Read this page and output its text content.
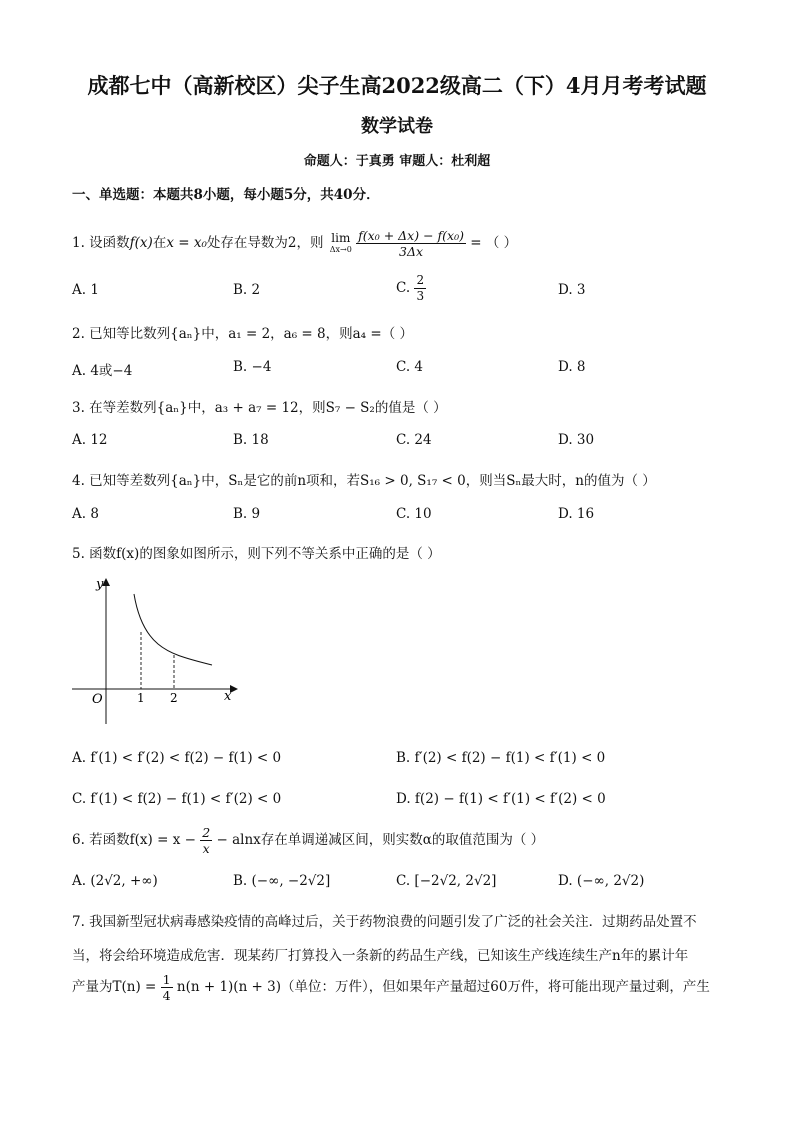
成都七中（高新校区）尖子生高2022级高二（下）4月月考考试题
数学试卷
命题人：于真勇 审题人：杜利超
一、单选题：本题共8小题，每小题5分，共40分．
1. 设函数f(x)在x = x₀处存在导数为2，则 lim
Δx→0
$\frac{\text{f(x₀ + Δx) − f(x₀)}}{3\Delta x}$ = （ ）
A. 1	B. 2	C. $\frac{2}{3}$	D. 3
2. 已知等比数列{aₙ}中，a₁ = 2，a₆ = 8，则a₄ =（ ）
A. 4或−4	B. −4	C. 4	D. 8
3. 在等差数列{aₙ}中，a₃ + a₇ = 12，则S₇ − S₂的值是（ ）
A. 12	B. 18	C. 24	D. 30
4. 已知等差数列{aₙ}中，Sₙ是它的前n项和，若S₁₆ > 0, S₁₇ < 0，则当Sₙ最大时，n的值为（ ）
A. 8	B. 9	C. 10	D. 16
5. 函数f(x)的图象如图所示，则下列不等关系中正确的是（ ）
y
x
O	1 2
A. f′(1) < f′(2) < f(2) − f(1) < 0	B. f′(2) < f(2) − f(1) < f′(1) < 0
C. f′(1) < f(2) − f(1) < f′(2) < 0	D. f(2) − f(1) < f′(1) < f′(2) < 0
6. 若函数$f(x) = x - \frac{2}{x} - alnx$存在单调递减区间，则实数α的取值范围为（ ）
A. (2√2, +∞)	B. (−∞, −2√2]	C. [−2√2, 2√2]	D. (−∞, 2√2)
7. 我国新型冠状病毒感染疫情的高峰过后，关于药物浪费的问题引发了广泛的社会关注．过期药品处置不
当，将会给环境造成危害．现某药厂打算投入一条新的药品生产线，已知该生产线连续生产n年的累计年
产量为$T(n) = \frac{1}{4} n(n + 1)(n + 3)$（单位：万件），但如果年产量超过60万件，将可能出现产量过剩，产生
